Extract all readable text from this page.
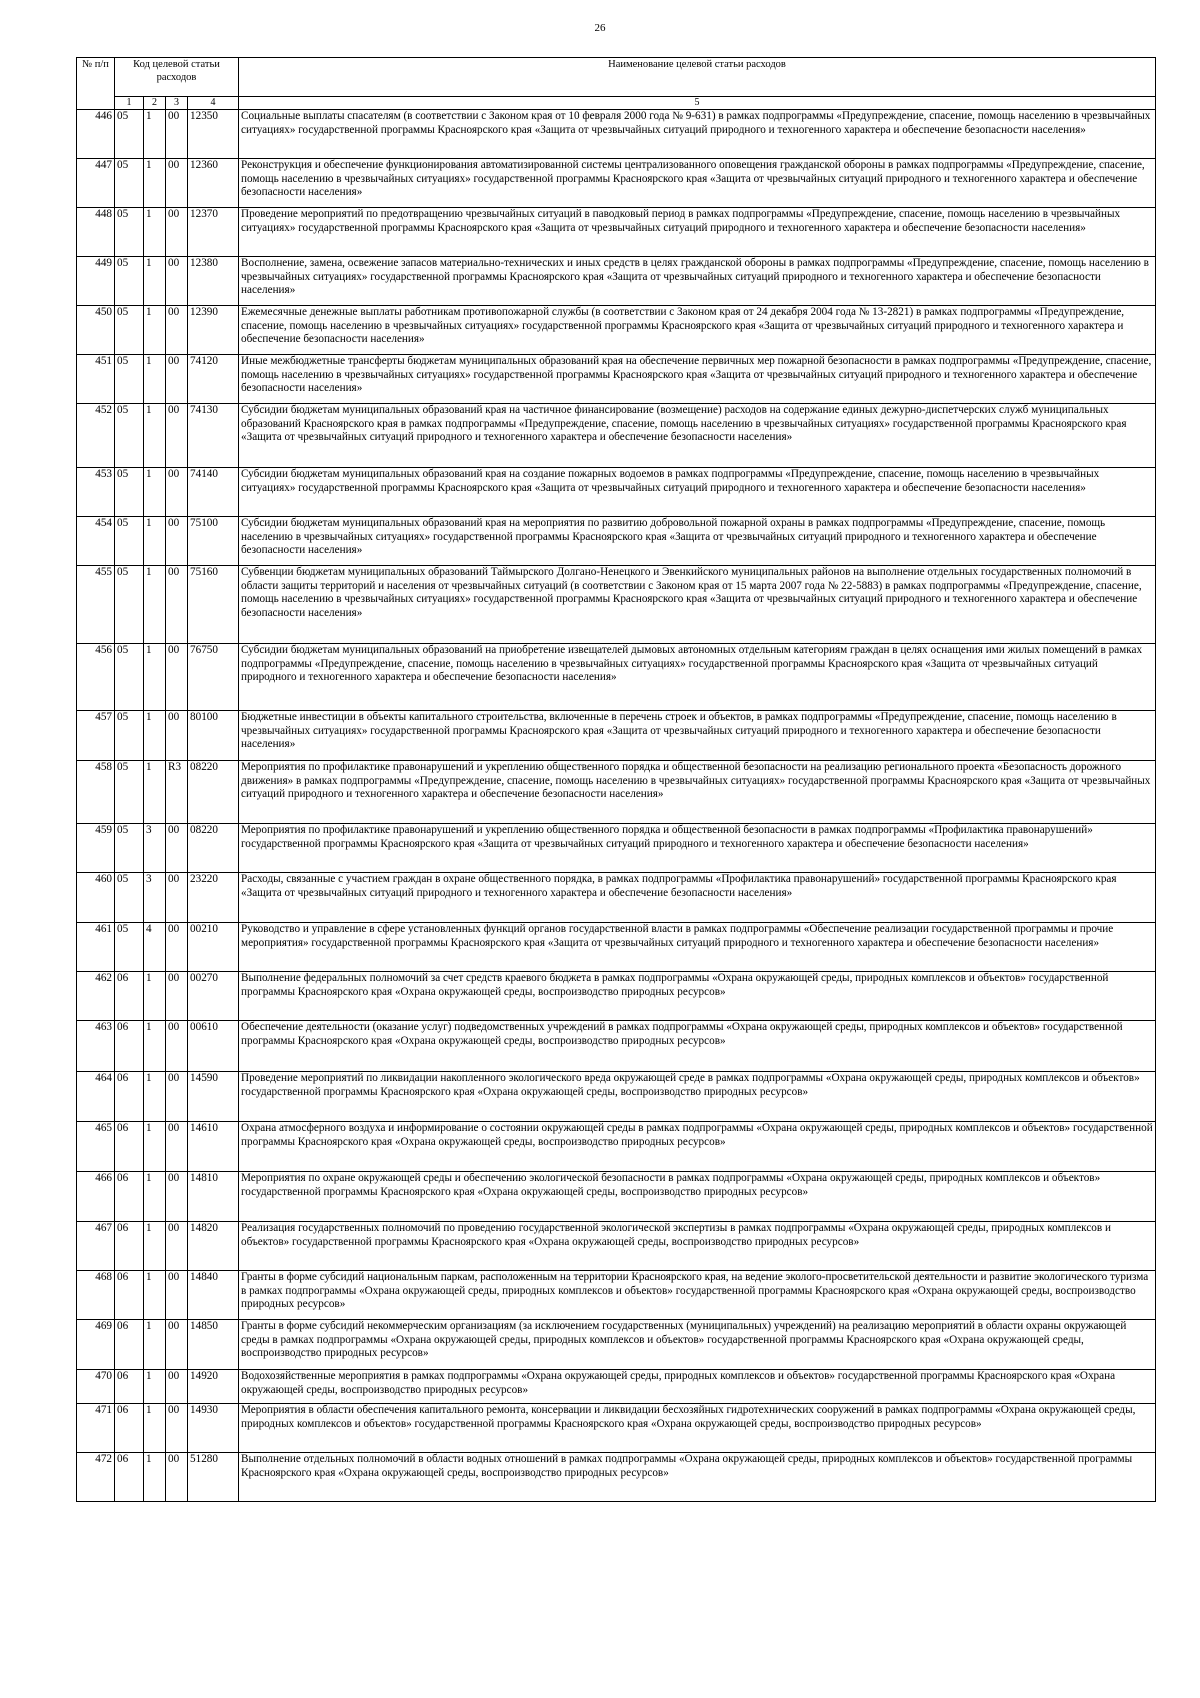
26
№ п/п	Код целевой статьи расходов				Наименование целевой статьи расходов
	1	2	3	4	5
446	05	1	00	12350	Социальные выплаты спасателям (в соответствии с Законом края от 10 февраля 2000 года № 9-631) в рамках подпрограммы «Предупреждение, спасение, помощь населению в чрезвычайных ситуациях» государственной программы Красноярского края «Защита от чрезвычайных ситуаций природного и техногенного характера и обеспечение безопасности населения»
447	05	1	00	12360	Реконструкция и обеспечение функционирования автоматизированной системы централизованного оповещения гражданской обороны в рамках подпрограммы «Предупреждение, спасение, помощь населению в чрезвычайных ситуациях» государственной программы Красноярского края «Защита от чрезвычайных ситуаций природного и техногенного характера и обеспечение безопасности населения»
448	05	1	00	12370	Проведение мероприятий по предотвращению чрезвычайных ситуаций в паводковый период в рамках подпрограммы «Предупреждение, спасение, помощь населению в чрезвычайных ситуациях» государственной программы Красноярского края «Защита от чрезвычайных ситуаций природного и техногенного характера и обеспечение безопасности населения»
449	05	1	00	12380	Восполнение, замена, освежение запасов материально-технических и иных средств в целях гражданской обороны в рамках подпрограммы «Предупреждение, спасение, помощь населению в чрезвычайных ситуациях» государственной программы Красноярского края «Защита от чрезвычайных ситуаций природного и техногенного характера и обеспечение безопасности населения»
450	05	1	00	12390	Ежемесячные денежные выплаты работникам противопожарной службы (в соответствии с Законом края от 24 декабря 2004 года № 13-2821) в рамках подпрограммы «Предупреждение, спасение, помощь населению в чрезвычайных ситуациях» государственной программы Красноярского края «Защита от чрезвычайных ситуаций природного и техногенного характера и обеспечение безопасности населения»
451	05	1	00	74120	Иные межбюджетные трансферты бюджетам муниципальных образований края на обеспечение первичных мер пожарной безопасности в рамках подпрограммы «Предупреждение, спасение, помощь населению в чрезвычайных ситуациях» государственной программы Красноярского края «Защита от чрезвычайных ситуаций природного и техногенного характера и обеспечение безопасности населения»
452	05	1	00	74130	Субсидии бюджетам муниципальных образований края на частичное финансирование (возмещение) расходов на содержание единых дежурно-диспетчерских служб муниципальных образований Красноярского края в рамках подпрограммы «Предупреждение, спасение, помощь населению в чрезвычайных ситуациях» государственной программы Красноярского края «Защита от чрезвычайных ситуаций природного и техногенного характера и обеспечение безопасности населения»
453	05	1	00	74140	Субсидии бюджетам муниципальных образований края на создание пожарных водоемов в рамках подпрограммы «Предупреждение, спасение, помощь населению в чрезвычайных ситуациях» государственной программы Красноярского края «Защита от чрезвычайных ситуаций природного и техногенного характера и обеспечение безопасности населения»
454	05	1	00	75100	Субсидии бюджетам муниципальных образований края на мероприятия по развитию добровольной пожарной охраны в рамках подпрограммы «Предупреждение, спасение, помощь населению в чрезвычайных ситуациях» государственной программы Красноярского края «Защита от чрезвычайных ситуаций природного и техногенного характера и обеспечение безопасности населения»
455	05	1	00	75160	Субвенции бюджетам муниципальных образований Таймырского Долгано-Ненецкого и Эвенкийского муниципальных районов на выполнение отдельных государственных полномочий в области защиты территорий и населения от чрезвычайных ситуаций (в соответствии с Законом края от 15 марта 2007 года № 22-5883) в рамках подпрограммы «Предупреждение, спасение, помощь населению в чрезвычайных ситуациях» государственной программы Красноярского края «Защита от чрезвычайных ситуаций природного и техногенного характера и обеспечение безопасности населения»
456	05	1	00	76750	Субсидии бюджетам муниципальных образований на приобретение извещателей дымовых автономных отдельным категориям граждан в целях оснащения ими жилых помещений в рамках подпрограммы «Предупреждение, спасение, помощь населению в чрезвычайных ситуациях» государственной программы Красноярского края «Защита от чрезвычайных ситуаций природного и техногенного характера и обеспечение безопасности населения»
457	05	1	00	80100	Бюджетные инвестиции в объекты капитального строительства, включенные в перечень строек и объектов, в рамках подпрограммы «Предупреждение, спасение, помощь населению в чрезвычайных ситуациях» государственной программы Красноярского края «Защита от чрезвычайных ситуаций природного и техногенного характера и обеспечение безопасности населения»
458	05	1	R3	08220	Мероприятия по профилактике правонарушений и укреплению общественного порядка и общественной безопасности на реализацию регионального проекта «Безопасность дорожного движения» в рамках подпрограммы «Предупреждение, спасение, помощь населению в чрезвычайных ситуациях» государственной программы Красноярского края «Защита от чрезвычайных ситуаций природного и техногенного характера и обеспечение безопасности населения»
459	05	3	00	08220	Мероприятия по профилактике правонарушений и укреплению общественного порядка и общественной безопасности в рамках подпрограммы «Профилактика правонарушений» государственной программы Красноярского края «Защита от чрезвычайных ситуаций природного и техногенного характера и обеспечение безопасности населения»
460	05	3	00	23220	Расходы, связанные с участием граждан в охране общественного порядка, в рамках подпрограммы «Профилактика правонарушений» государственной программы Красноярского края «Защита от чрезвычайных ситуаций природного и техногенного характера и обеспечение безопасности населения»
461	05	4	00	00210	Руководство и управление в сфере установленных функций органов государственной власти в рамках подпрограммы «Обеспечение реализации государственной программы и прочие мероприятия» государственной программы Красноярского края «Защита от чрезвычайных ситуаций природного и техногенного характера и обеспечение безопасности населения»
462	06	1	00	00270	Выполнение федеральных полномочий за счет средств краевого бюджета в рамках подпрограммы «Охрана окружающей среды, природных комплексов и объектов» государственной программы Красноярского края «Охрана окружающей среды, воспроизводство природных ресурсов»
463	06	1	00	00610	Обеспечение деятельности (оказание услуг) подведомственных учреждений в рамках подпрограммы «Охрана окружающей среды, природных комплексов и объектов» государственной программы Красноярского края «Охрана окружающей среды, воспроизводство природных ресурсов»
464	06	1	00	14590	Проведение мероприятий по ликвидации накопленного экологического вреда окружающей среде в рамках подпрограммы «Охрана окружающей среды, природных комплексов и объектов» государственной программы Красноярского края «Охрана окружающей среды, воспроизводство природных ресурсов»
465	06	1	00	14610	Охрана атмосферного воздуха и информирование о состоянии окружающей среды в рамках подпрограммы «Охрана окружающей среды, природных комплексов и объектов» государственной программы Красноярского края «Охрана окружающей среды, воспроизводство природных ресурсов»
466	06	1	00	14810	Мероприятия по охране окружающей среды и обеспечению экологической безопасности в рамках подпрограммы «Охрана окружающей среды, природных комплексов и объектов» государственной программы Красноярского края «Охрана окружающей среды, воспроизводство природных ресурсов»
467	06	1	00	14820	Реализация государственных полномочий по проведению государственной экологической экспертизы в рамках подпрограммы «Охрана окружающей среды, природных комплексов и объектов» государственной программы Красноярского края «Охрана окружающей среды, воспроизводство природных ресурсов»
468	06	1	00	14840	Гранты в форме субсидий национальным паркам, расположенным на территории Красноярского края, на ведение эколого-просветительской деятельности и развитие экологического туризма в рамках подпрограммы «Охрана окружающей среды, природных комплексов и объектов» государственной программы Красноярского края «Охрана окружающей среды, воспроизводство природных ресурсов»
469	06	1	00	14850	Гранты в форме субсидий некоммерческим организациям (за исключением государственных (муниципальных) учреждений) на реализацию мероприятий в области охраны окружающей среды в рамках подпрограммы «Охрана окружающей среды, природных комплексов и объектов» государственной программы Красноярского края «Охрана окружающей среды, воспроизводство природных ресурсов»
470	06	1	00	14920	Водохозяйственные мероприятия в рамках подпрограммы «Охрана окружающей среды, природных комплексов и объектов» государственной программы Красноярского края «Охрана окружающей среды, воспроизводство природных ресурсов»
471	06	1	00	14930	Мероприятия в области обеспечения капитального ремонта, консервации и ликвидации бесхозяйных гидротехнических сооружений в рамках подпрограммы «Охрана окружающей среды, природных комплексов и объектов» государственной программы Красноярского края «Охрана окружающей среды, воспроизводство природных ресурсов»
472	06	1	00	51280	Выполнение отдельных полномочий в области водных отношений в рамках подпрограммы «Охрана окружающей среды, природных комплексов и объектов» государственной программы Красноярского края «Охрана окружающей среды, воспроизводство природных ресурсов»
